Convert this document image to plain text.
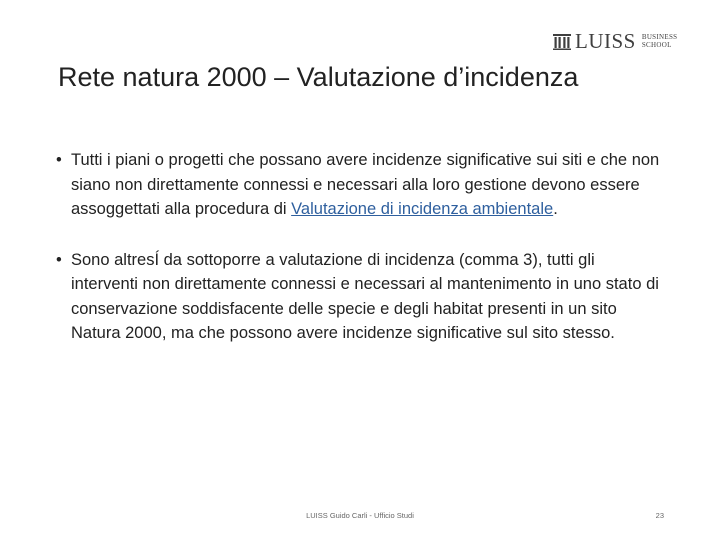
LUISS BUSINESS
SCHOOL
Rete natura 2000 – Valutazione d’incidenza

• Tutti i piani o progetti che possano avere incidenze significative sui siti e che non siano non direttamente connessi e necessari alla loro gestione devono essere assoggettati alla procedura di Valutazione di incidenza ambientale.

• Sono altresÍ da sottoporre a valutazione di incidenza (comma 3), tutti gli interventi non direttamente connessi e necessari al mantenimento in uno stato di conservazione soddisfacente delle specie e degli habitat presenti in un sito Natura 2000, ma che possono avere incidenze significative sul sito stesso.

LUISS Guido Carli - Ufficio Studi	23
